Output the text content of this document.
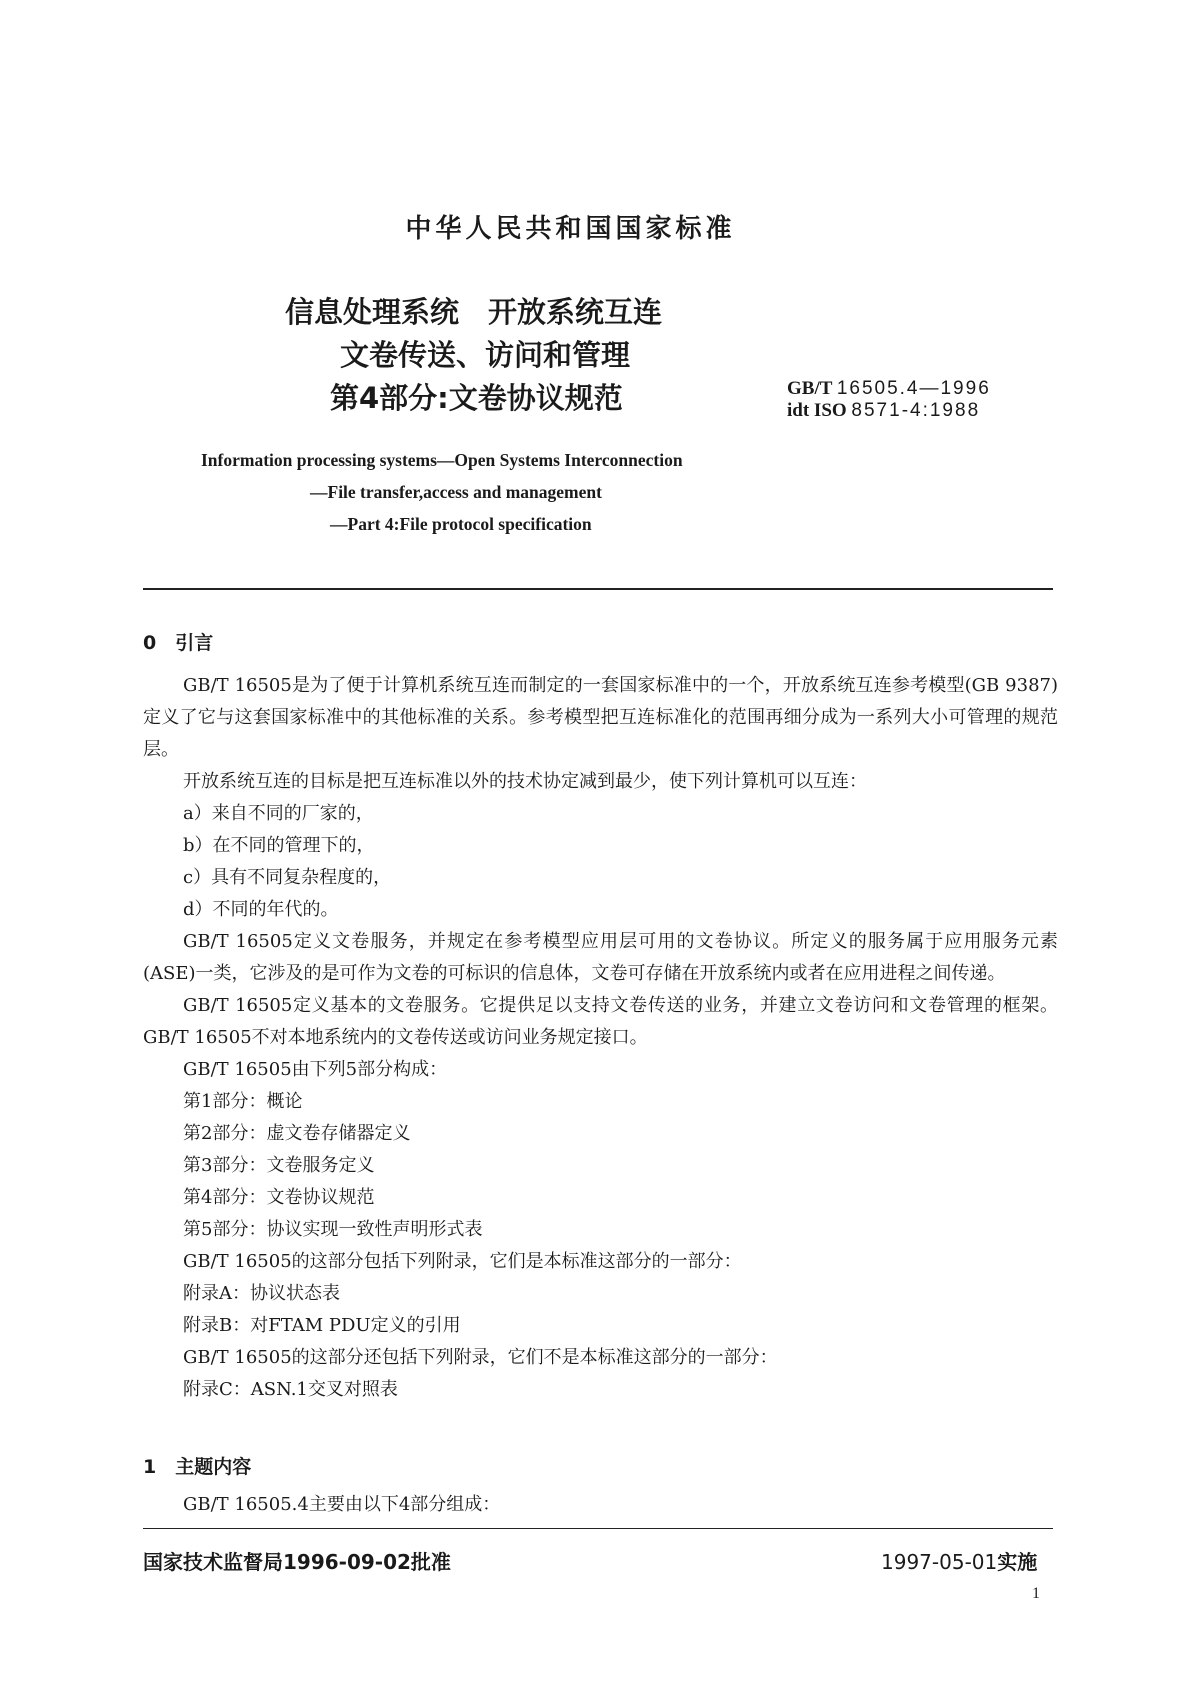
中华人民共和国国家标准
信息处理系统　开放系统互连
文卷传送、访问和管理
第4部分:文卷协议规范	GB/T 16505.4—1996
idt ISO 8571-4:1988
Information processing systems—Open Systems Interconnection
—File transfer,access and management
—Part 4:File protocol specification
0　引言

GB/T 16505是为了便于计算机系统互连而制定的一套国家标准中的一个，开放系统互连参考模型(GB 9387)定义了它与这套国家标准中的其他标准的关系。参考模型把互连标准化的范围再细分成为一系列大小可管理的规范层。

开放系统互连的目标是把互连标准以外的技术协定减到最少，使下列计算机可以互连：

a）来自不同的厂家的，

b）在不同的管理下的，

c）具有不同复杂程度的，

d）不同的年代的。

GB/T 16505定义文卷服务，并规定在参考模型应用层可用的文卷协议。所定义的服务属于应用服务元素(ASE)一类，它涉及的是可作为文卷的可标识的信息体，文卷可存储在开放系统内或者在应用进程之间传递。

GB/T 16505定义基本的文卷服务。它提供足以支持文卷传送的业务，并建立文卷访问和文卷管理的框架。GB/T 16505不对本地系统内的文卷传送或访问业务规定接口。

GB/T 16505由下列5部分构成：

第1部分：概论

第2部分：虚文卷存储器定义

第3部分：文卷服务定义

第4部分：文卷协议规范

第5部分：协议实现一致性声明形式表

GB/T 16505的这部分包括下列附录，它们是本标准这部分的一部分：

附录A：协议状态表

附录B：对FTAM PDU定义的引用

GB/T 16505的这部分还包括下列附录，它们不是本标准这部分的一部分：

附录C：ASN.1交叉对照表

1　主题内容

GB/T 16505.4主要由以下4部分组成：

国家技术监督局1996-09-02批准	1997-05-01实施
1
